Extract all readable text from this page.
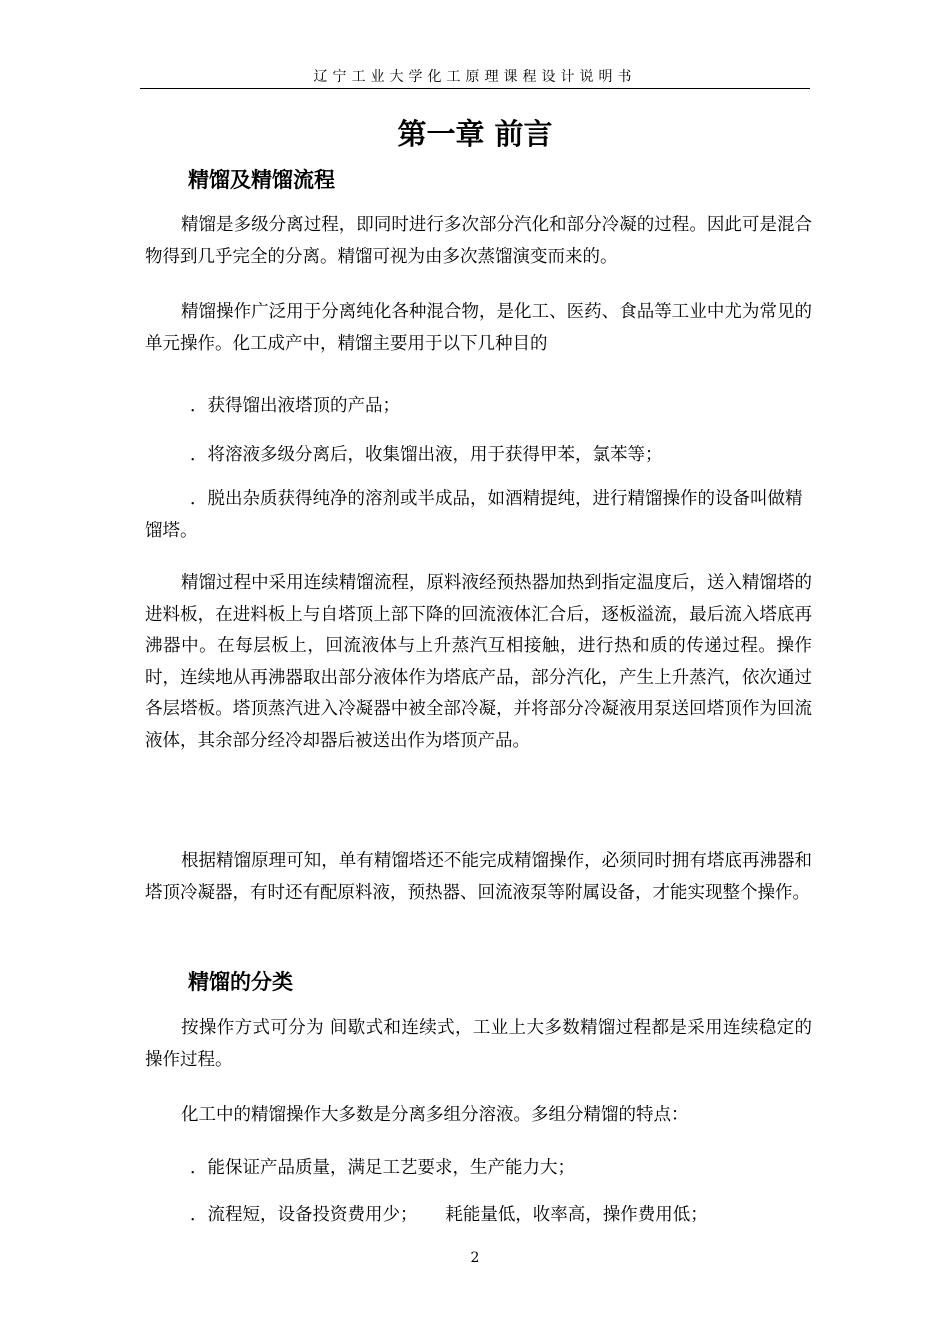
辽宁工业大学化工原理课程设计说明书
第一章 前言
精馏及精馏流程

精馏是多级分离过程，即同时进行多次部分汽化和部分冷凝的过程。因此可是混合物得到几乎完全的分离。精馏可视为由多次蒸馏演变而来的。

精馏操作广泛用于分离纯化各种混合物，是化工、医药、食品等工业中尤为常见的单元操作。化工成产中，精馏主要用于以下几种目的

．获得馏出液塔顶的产品；

．将溶液多级分离后，收集馏出液，用于获得甲苯，氯苯等；

．脱出杂质获得纯净的溶剂或半成品，如酒精提纯，进行精馏操作的设备叫做精馏塔。

精馏过程中采用连续精馏流程，原料液经预热器加热到指定温度后，送入精馏塔的进料板，在进料板上与自塔顶上部下降的回流液体汇合后，逐板溢流，最后流入塔底再沸器中。在每层板上，回流液体与上升蒸汽互相接触，进行热和质的传递过程。操作时，连续地从再沸器取出部分液体作为塔底产品，部分汽化，产生上升蒸汽，依次通过各层塔板。塔顶蒸汽进入冷凝器中被全部冷凝，并将部分冷凝液用泵送回塔顶作为回流液体，其余部分经冷却器后被送出作为塔顶产品。

根据精馏原理可知，单有精馏塔还不能完成精馏操作，必须同时拥有塔底再沸器和塔顶冷凝器，有时还有配原料液，预热器、回流液泵等附属设备，才能实现整个操作。

精馏的分类

按操作方式可分为 间歇式和连续式，工业上大多数精馏过程都是采用连续稳定的操作过程。

化工中的精馏操作大多数是分离多组分溶液。多组分精馏的特点：

．能保证产品质量，满足工艺要求，生产能力大；

．流程短，设备投资费用少；     耗能量低，收率高，操作费用低；

2
